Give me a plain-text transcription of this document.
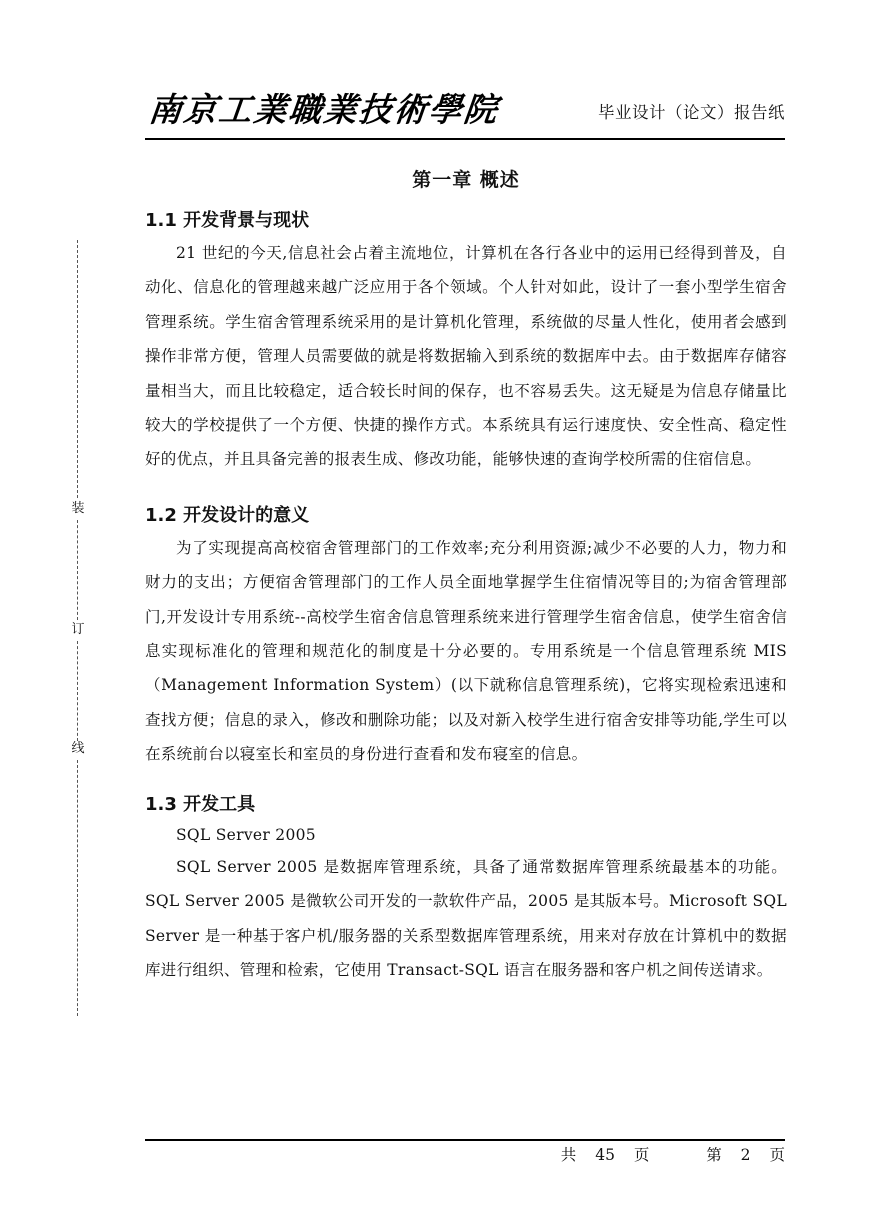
南京工業職業技術學院	毕业设计（论文）报告纸
装
订
线
第一章 概述
1.1 开发背景与现状

21 世纪的今天,信息社会占着主流地位，计算机在各行各业中的运用已经得到普及，自动化、信息化的管理越来越广泛应用于各个领域。个人针对如此，设计了一套小型学生宿舍管理系统。学生宿舍管理系统采用的是计算机化管理，系统做的尽量人性化，使用者会感到操作非常方便，管理人员需要做的就是将数据输入到系统的数据库中去。由于数据库存储容量相当大，而且比较稳定，适合较长时间的保存，也不容易丢失。这无疑是为信息存储量比较大的学校提供了一个方便、快捷的操作方式。本系统具有运行速度快、安全性高、稳定性好的优点，并且具备完善的报表生成、修改功能，能够快速的查询学校所需的住宿信息。

1.2 开发设计的意义

为了实现提高高校宿舍管理部门的工作效率;充分利用资源;减少不必要的人力，物力和财力的支出；方便宿舍管理部门的工作人员全面地掌握学生住宿情况等目的;为宿舍管理部门,开发设计专用系统--高校学生宿舍信息管理系统来进行管理学生宿舍信息，使学生宿舍信息实现标准化的管理和规范化的制度是十分必要的。专用系统是一个信息管理系统 MIS（Management Information System）(以下就称信息管理系统)，它将实现检索迅速和查找方便；信息的录入，修改和删除功能；以及对新入校学生进行宿舍安排等功能,学生可以在系统前台以寝室长和室员的身份进行查看和发布寝室的信息。

1.3 开发工具

SQL Server 2005

SQL Server 2005 是数据库管理系统，具备了通常数据库管理系统最基本的功能。SQL Server 2005 是微软公司开发的一款软件产品，2005 是其版本号。Microsoft SQL Server 是一种基于客户机/服务器的关系型数据库管理系统，用来对存放在计算机中的数据库进行组织、管理和检索，它使用 Transact-SQL 语言在服务器和客户机之间传送请求。

共 45 页	第 2 页
